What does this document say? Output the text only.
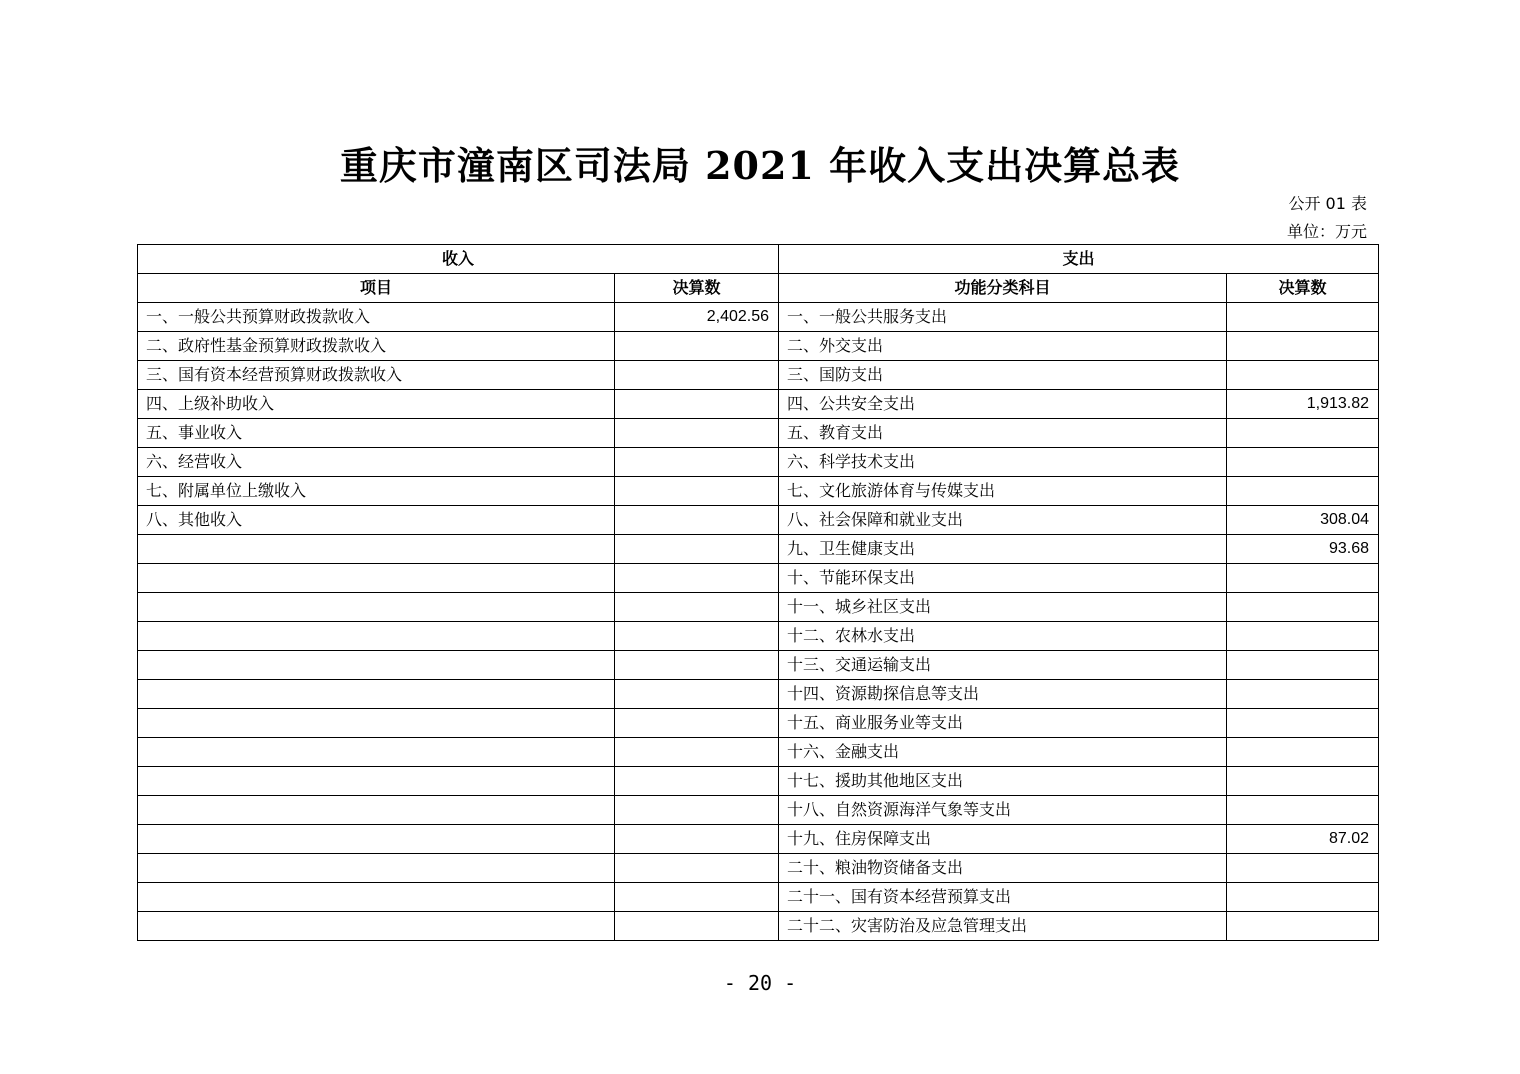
重庆市潼南区司法局 2021 年收入支出决算总表
公开 01 表
单位：万元
收入		支出	
项目	决算数	功能分类科目	决算数
一、一般公共预算财政拨款收入	2,402.56	一、一般公共服务支出	
二、政府性基金预算财政拨款收入		二、外交支出	
三、国有资本经营预算财政拨款收入		三、国防支出	
四、上级补助收入		四、公共安全支出	1,913.82
五、事业收入		五、教育支出	
六、经营收入		六、科学技术支出	
七、附属单位上缴收入		七、文化旅游体育与传媒支出	
八、其他收入		八、社会保障和就业支出	308.04
		九、卫生健康支出	93.68
		十、节能环保支出	
		十一、城乡社区支出	
		十二、农林水支出	
		十三、交通运输支出	
		十四、资源勘探信息等支出	
		十五、商业服务业等支出	
		十六、金融支出	
		十七、援助其他地区支出	
		十八、自然资源海洋气象等支出	
		十九、住房保障支出	87.02
		二十、粮油物资储备支出	
		二十一、国有资本经营预算支出	
		二十二、灾害防治及应急管理支出	
- 20 -
